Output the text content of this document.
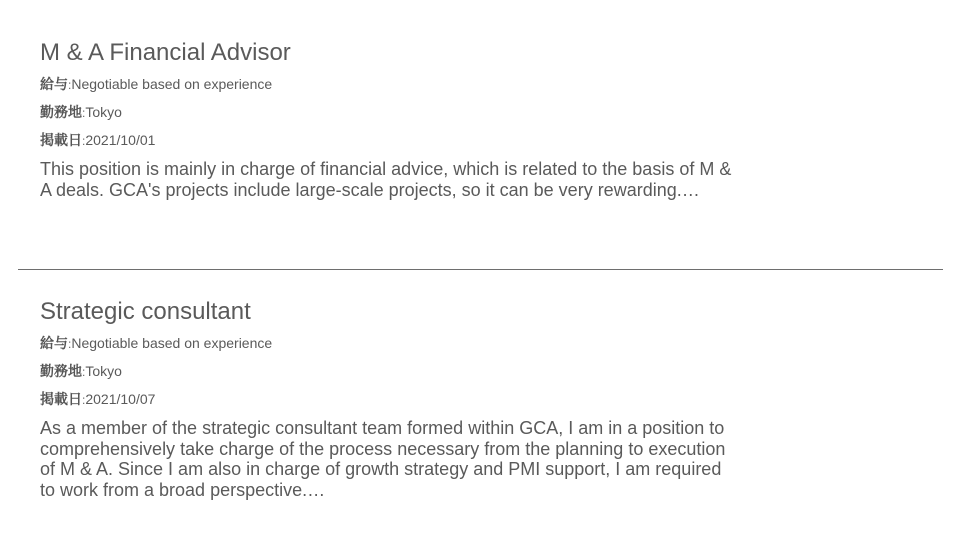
M & A Financial Advisor
給与:Negotiable based on experience
勤務地:Tokyo
掲載日:2021/10/01
This position is mainly in charge of financial advice, which is related to the basis of M & A deals. GCA's projects include large-scale projects, so it can be very rewarding.…
Strategic consultant
給与:Negotiable based on experience
勤務地:Tokyo
掲載日:2021/10/07
As a member of the strategic consultant team formed within GCA, I am in a position to comprehensively take charge of the process necessary from the planning to execution of M & A. Since I am also in charge of growth strategy and PMI support, I am required to work from a broad perspective.…
